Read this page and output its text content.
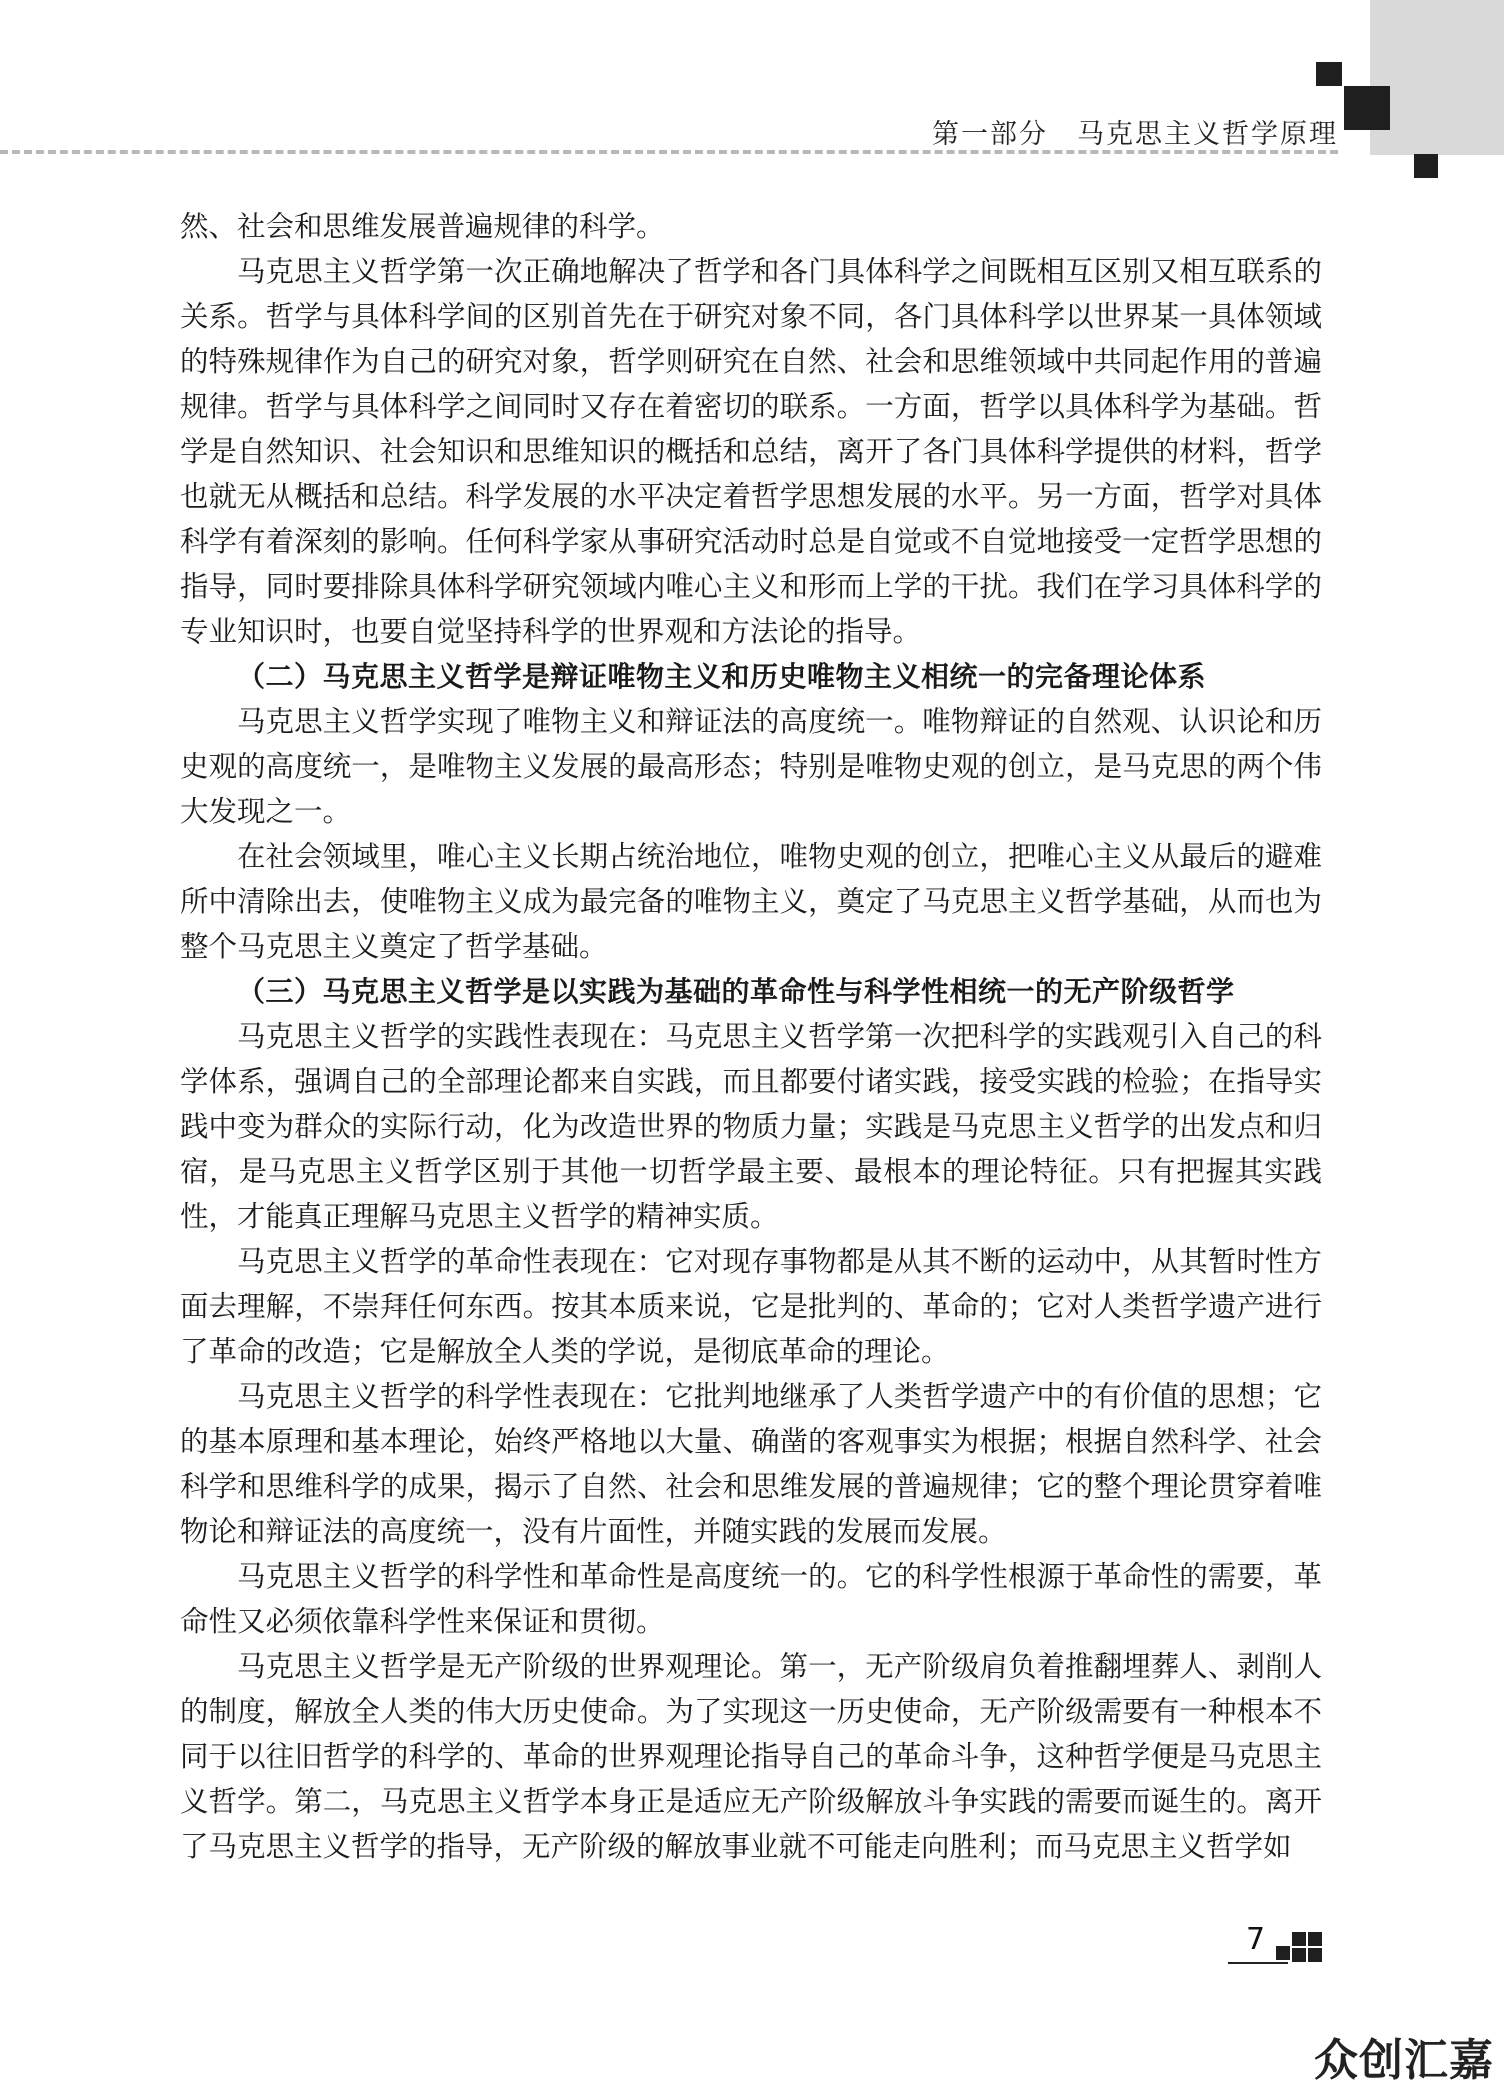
第一部分　马克思主义哲学原理

然、社会和思维发展普遍规律的科学。

马克思主义哲学第一次正确地解决了哲学和各门具体科学之间既相互区别又相互联系的关系。哲学与具体科学间的区别首先在于研究对象不同，各门具体科学以世界某一具体领域的特殊规律作为自己的研究对象，哲学则研究在自然、社会和思维领域中共同起作用的普遍规律。哲学与具体科学之间同时又存在着密切的联系。一方面，哲学以具体科学为基础。哲学是自然知识、社会知识和思维知识的概括和总结，离开了各门具体科学提供的材料，哲学也就无从概括和总结。科学发展的水平决定着哲学思想发展的水平。另一方面，哲学对具体科学有着深刻的影响。任何科学家从事研究活动时总是自觉或不自觉地接受一定哲学思想的指导，同时要排除具体科学研究领域内唯心主义和形而上学的干扰。我们在学习具体科学的专业知识时，也要自觉坚持科学的世界观和方法论的指导。

（二）马克思主义哲学是辩证唯物主义和历史唯物主义相统一的完备理论体系

马克思主义哲学实现了唯物主义和辩证法的高度统一。唯物辩证的自然观、认识论和历史观的高度统一，是唯物主义发展的最高形态；特别是唯物史观的创立，是马克思的两个伟大发现之一。

在社会领域里，唯心主义长期占统治地位，唯物史观的创立，把唯心主义从最后的避难所中清除出去，使唯物主义成为最完备的唯物主义，奠定了马克思主义哲学基础，从而也为整个马克思主义奠定了哲学基础。

（三）马克思主义哲学是以实践为基础的革命性与科学性相统一的无产阶级哲学

马克思主义哲学的实践性表现在：马克思主义哲学第一次把科学的实践观引入自己的科学体系，强调自己的全部理论都来自实践，而且都要付诸实践，接受实践的检验；在指导实践中变为群众的实际行动，化为改造世界的物质力量；实践是马克思主义哲学的出发点和归宿，是马克思主义哲学区别于其他一切哲学最主要、最根本的理论特征。只有把握其实践性，才能真正理解马克思主义哲学的精神实质。

马克思主义哲学的革命性表现在：它对现存事物都是从其不断的运动中，从其暂时性方面去理解，不崇拜任何东西。按其本质来说，它是批判的、革命的；它对人类哲学遗产进行了革命的改造；它是解放全人类的学说，是彻底革命的理论。

马克思主义哲学的科学性表现在：它批判地继承了人类哲学遗产中的有价值的思想；它的基本原理和基本理论，始终严格地以大量、确凿的客观事实为根据；根据自然科学、社会科学和思维科学的成果，揭示了自然、社会和思维发展的普遍规律；它的整个理论贯穿着唯物论和辩证法的高度统一，没有片面性，并随实践的发展而发展。

马克思主义哲学的科学性和革命性是高度统一的。它的科学性根源于革命性的需要，革命性又必须依靠科学性来保证和贯彻。

马克思主义哲学是无产阶级的世界观理论。第一，无产阶级肩负着推翻埋葬人、剥削人的制度，解放全人类的伟大历史使命。为了实现这一历史使命，无产阶级需要有一种根本不同于以往旧哲学的科学的、革命的世界观理论指导自己的革命斗争，这种哲学便是马克思主义哲学。第二，马克思主义哲学本身正是适应无产阶级解放斗争实践的需要而诞生的。离开了马克思主义哲学的指导，无产阶级的解放事业就不可能走向胜利；而马克思主义哲学如

7
众创汇嘉
